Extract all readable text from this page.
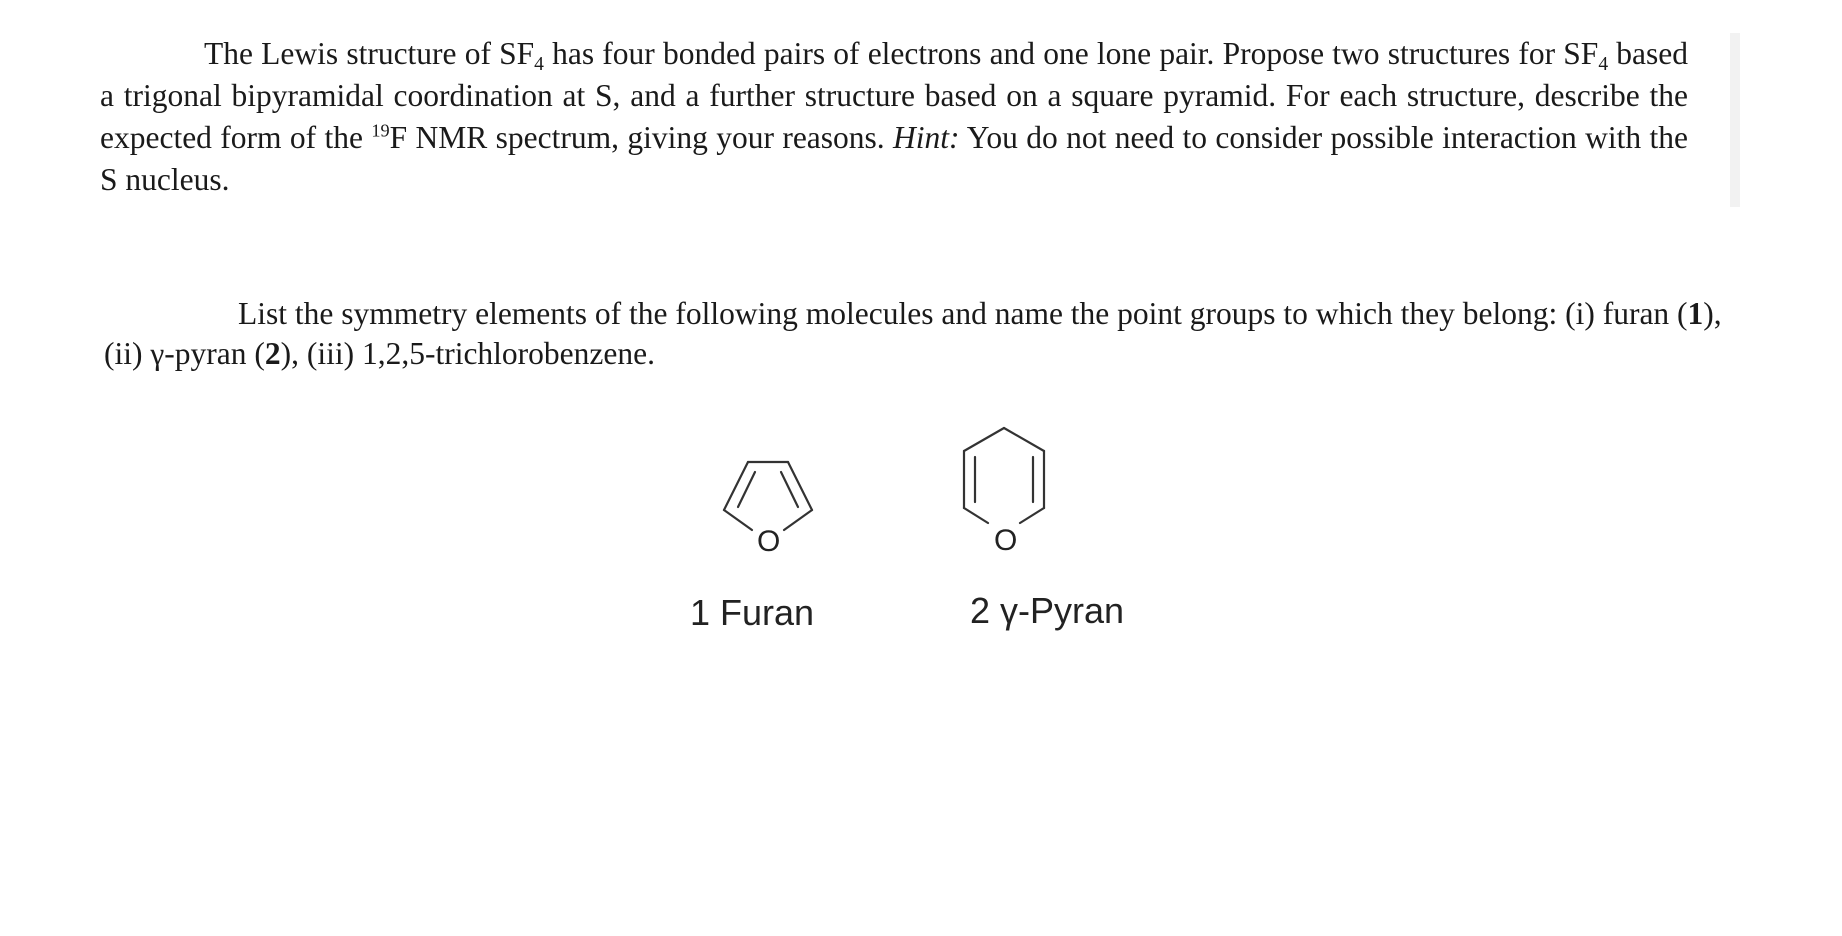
The Lewis structure of $SF_4$ has four bonded pairs of electrons and one lone pair. Propose two structures for $SF_4$ based a trigonal bipyramidal coordination at S, and a further structure based on a square pyramid. For each structure, describe the expected form of the $^{19}$F NMR spectrum, giving your reasons. Hint: You do not need to consider possible interaction with the S nucleus.
List the symmetry elements of the following molecules and name the point groups to which they belong: (i) furan (1), (ii) γ-pyran (2), (iii) 1,2,5-trichlorobenzene.
O	O
1 Furan	2 γ-Pyran
